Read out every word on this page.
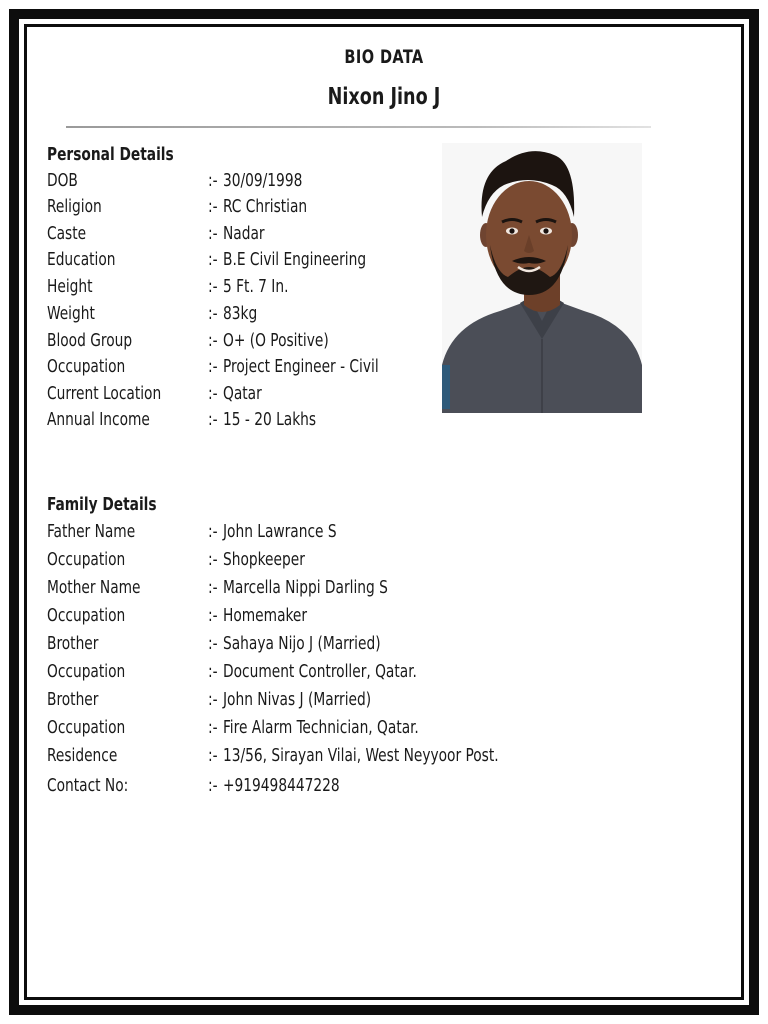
BIO DATA
Nixon Jino J
Personal Details
DOB	:- 30/09/1998
Religion	:- RC Christian
Caste	:- Nadar
Education	:- B.E Civil Engineering
Height	:- 5 Ft. 7 In.
Weight	:- 83kg
Blood Group	:- O+ (O Positive)
Occupation	:- Project Engineer - Civil
Current Location	:- Qatar
Annual Income	:- 15 - 20 Lakhs
Family Details
Father Name	:- John Lawrance S
Occupation	:- Shopkeeper
Mother Name	:- Marcella Nippi Darling S
Occupation	:- Homemaker
Brother	:- Sahaya Nijo J (Married)
Occupation	:- Document Controller, Qatar.
Brother	:- John Nivas J (Married)
Occupation	:- Fire Alarm Technician, Qatar.
Residence	:- 13/56, Sirayan Vilai, West Neyyoor Post.
Contact No:	:- +919498447228
